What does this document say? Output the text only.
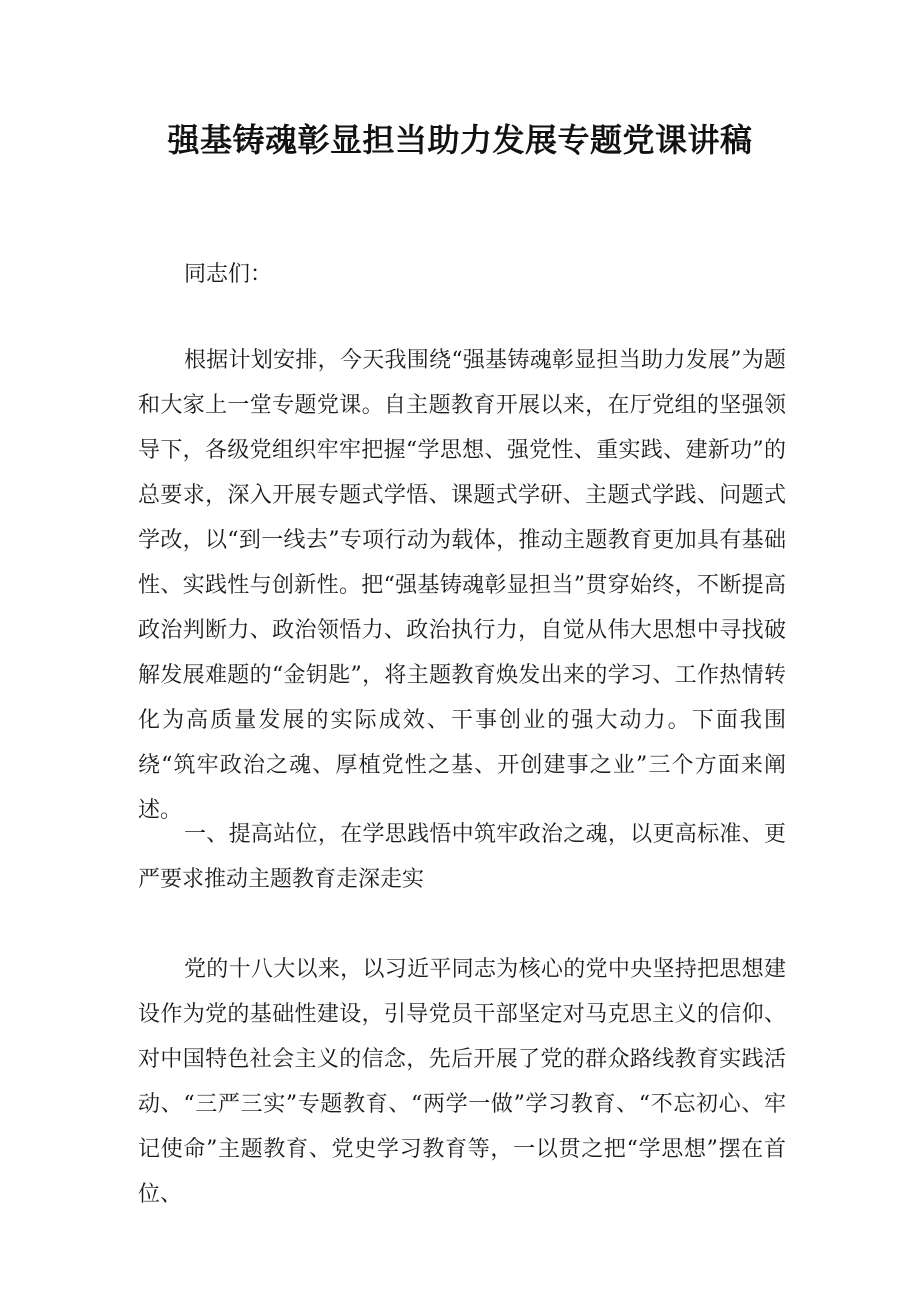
强基铸魂彰显担当助力发展专题党课讲稿

同志们：

根据计划安排，今天我围绕“强基铸魂彰显担当助力发展”为题和大家上一堂专题党课。自主题教育开展以来，在厅党组的坚强领导下，各级党组织牢牢把握“学思想、强党性、重实践、建新功”的总要求，深入开展专题式学悟、课题式学研、主题式学践、问题式学改，以“到一线去”专项行动为载体，推动主题教育更加具有基础性、实践性与创新性。把“强基铸魂彰显担当”贯穿始终，不断提高政治判断力、政治领悟力、政治执行力，自觉从伟大思想中寻找破解发展难题的“金钥匙”，将主题教育焕发出来的学习、工作热情转化为高质量发展的实际成效、干事创业的强大动力。下面我围绕“筑牢政治之魂、厚植党性之基、开创建事之业”三个方面来阐述。

一、提高站位，在学思践悟中筑牢政治之魂，以更高标准、更严要求推动主题教育走深走实

党的十八大以来，以习近平同志为核心的党中央坚持把思想建设作为党的基础性建设，引导党员干部坚定对马克思主义的信仰、对中国特色社会主义的信念，先后开展了党的群众路线教育实践活动、“三严三实”专题教育、“两学一做”学习教育、“不忘初心、牢记使命”主题教育、党史学习教育等，一以贯之把“学思想”摆在首位、
